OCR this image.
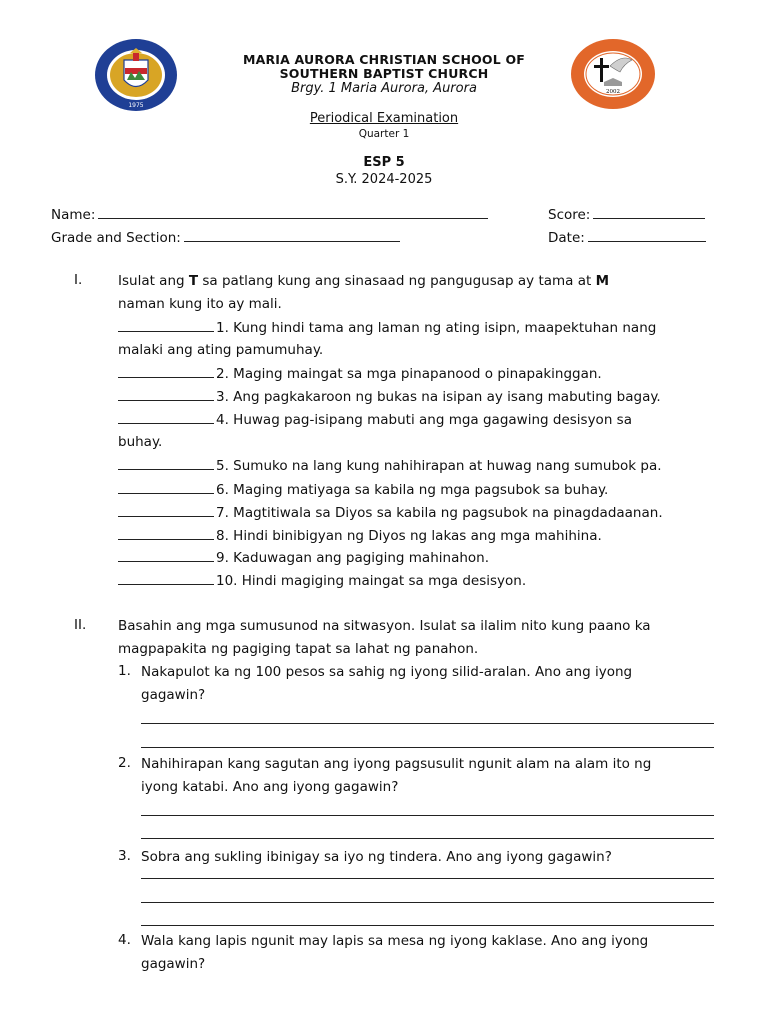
1975
2002
MARIA AURORA CHRISTIAN SCHOOL OF
SOUTHERN BAPTIST CHURCH
Brgy. 1 Maria Aurora, Aurora
Periodical Examination
Quarter 1
ESP 5
S.Y. 2024-2025
Name:	Score:
Grade and Section:	Date:
I.	Isulat ang T sa patlang kung ang sinasaad ng pangugusap ay tama at M
naman kung ito ay mali.
1. Kung hindi tama ang laman ng ating isipn, maapektuhan nang
malaki ang ating pamumuhay.
2. Maging maingat sa mga pinapanood o pinapakinggan.
3. Ang pagkakaroon ng bukas na isipan ay isang mabuting bagay.
4. Huwag pag-isipang mabuti ang mga gagawing desisyon sa
buhay.
5. Sumuko na lang kung nahihirapan at huwag nang sumubok pa.
6. Maging matiyaga sa kabila ng mga pagsubok sa buhay.
7. Magtitiwala sa Diyos sa kabila ng pagsubok na pinagdadaanan.
8. Hindi binibigyan ng Diyos ng lakas ang mga mahihina.
9. Kaduwagan ang pagiging mahinahon.
10. Hindi magiging maingat sa mga desisyon.
II. Basahin ang mga sumusunod na sitwasyon. Isulat sa ilalim nito kung paano ka
magpapakita ng pagiging tapat sa lahat ng panahon.
1. Nakapulot ka ng 100 pesos sa sahig ng iyong silid-aralan. Ano ang iyong
gagawin?
2. Nahihirapan kang sagutan ang iyong pagsusulit ngunit alam na alam ito ng
iyong katabi. Ano ang iyong gagawin?
3. Sobra ang sukling ibinigay sa iyo ng tindera. Ano ang iyong gagawin?
4. Wala kang lapis ngunit may lapis sa mesa ng iyong kaklase. Ano ang iyong
gagawin?
